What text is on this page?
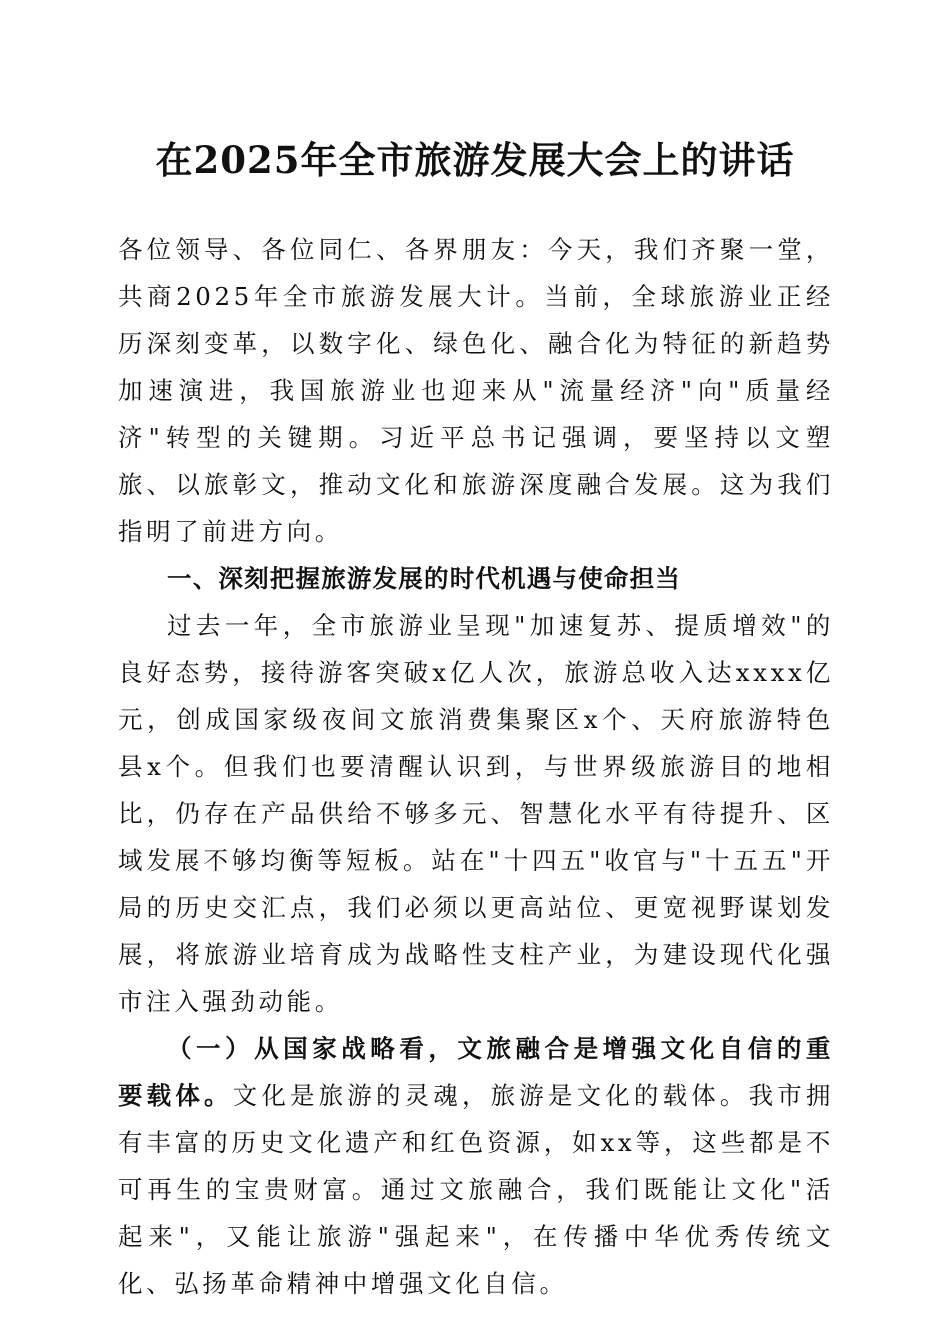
在2025年全市旅游发展大会上的讲话

各位领导、各位同仁、各界朋友：今天，我们齐聚一堂，共商2025年全市旅游发展大计。当前，全球旅游业正经历深刻变革，以数字化、绿色化、融合化为特征的新趋势加速演进，我国旅游业也迎来从"流量经济"向"质量经济"转型的关键期。习近平总书记强调，要坚持以文塑旅、以旅彰文，推动文化和旅游深度融合发展。这为我们指明了前进方向。

一、深刻把握旅游发展的时代机遇与使命担当

过去一年，全市旅游业呈现"加速复苏、提质增效"的良好态势，接待游客突破x亿人次，旅游总收入达xxxx亿元，创成国家级夜间文旅消费集聚区x个、天府旅游特色县x个。但我们也要清醒认识到，与世界级旅游目的地相比，仍存在产品供给不够多元、智慧化水平有待提升、区域发展不够均衡等短板。站在"十四五"收官与"十五五"开局的历史交汇点，我们必须以更高站位、更宽视野谋划发展，将旅游业培育成为战略性支柱产业，为建设现代化强市注入强劲动能。

（一）从国家战略看，文旅融合是增强文化自信的重要载体。文化是旅游的灵魂，旅游是文化的载体。我市拥有丰富的历史文化遗产和红色资源，如xx等，这些都是不可再生的宝贵财富。通过文旅融合，我们既能让文化"活起来"，又能让旅游"强起来"，在传播中华优秀传统文化、弘扬革命精神中增强文化自信。
